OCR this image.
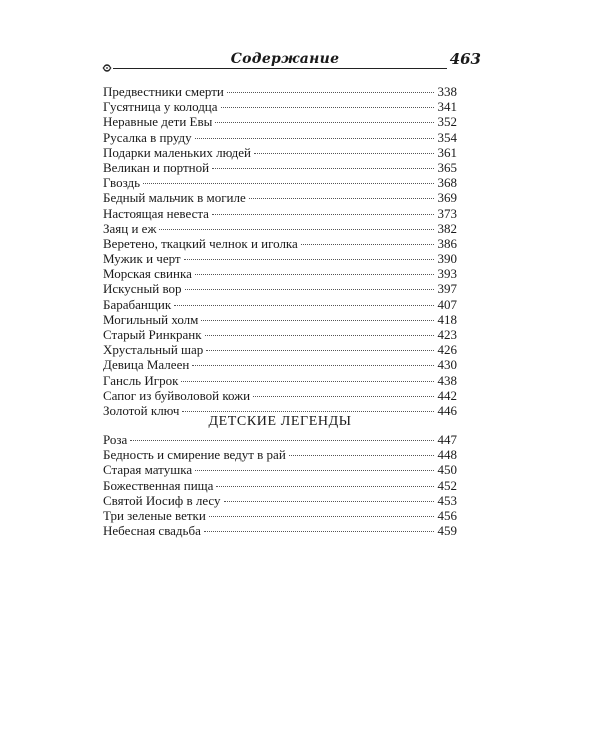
Содержание	463
Предвестники смерти	338
Гусятница у колодца	341
Неравные дети Евы	352
Русалка в пруду	354
Подарки маленьких людей	361
Великан и портной	365
Гвоздь	368
Бедный мальчик в могиле	369
Настоящая невеста	373
Заяц и еж	382
Веретено, ткацкий челнок и иголка	386
Мужик и черт	390
Морская свинка	393
Искусный вор	397
Барабанщик	407
Могильный холм	418
Старый Ринкранк	423
Хрустальный шар	426
Девица Малеен	430
Гансль Игрок	438
Сапог из буйволовой кожи	442
Золотой ключ	446
ДЕТСКИЕ ЛЕГЕНДЫ
Роза	447
Бедность и смирение ведут в рай	448
Старая матушка	450
Божественная пища	452
Святой Иосиф в лесу	453
Три зеленые ветки	456
Небесная свадьба	459
